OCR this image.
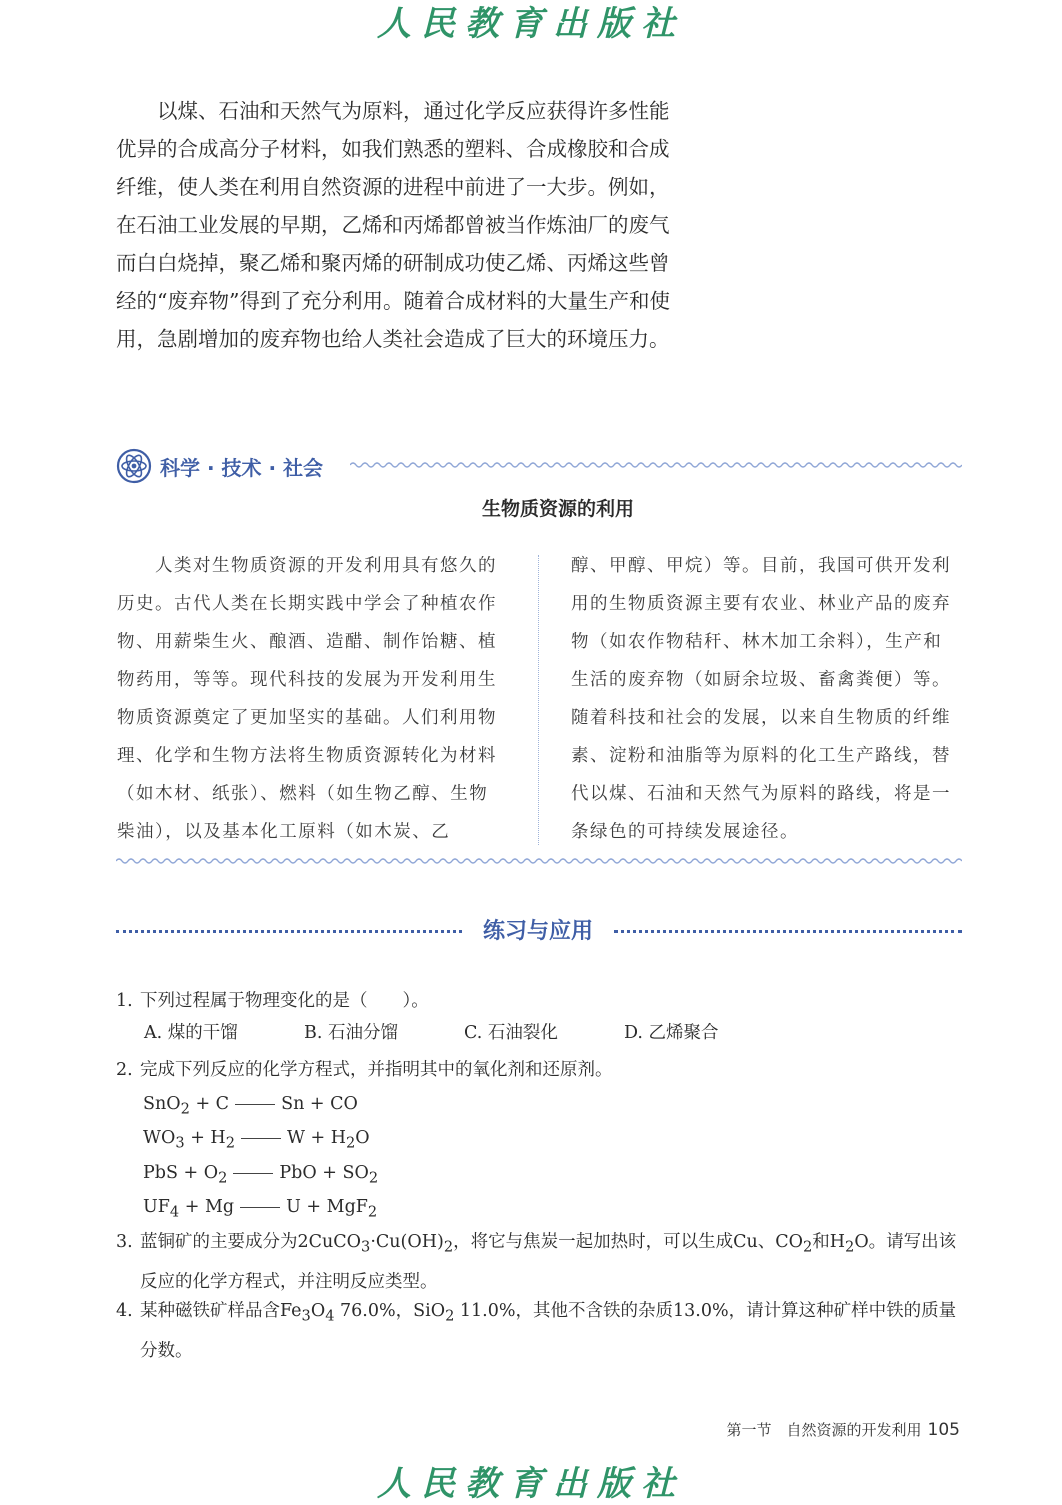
人民教育出版社

以煤、石油和天然气为原料，通过化学反应获得许多性能优异的合成高分子材料，如我们熟悉的塑料、合成橡胶和合成纤维，使人类在利用自然资源的进程中前进了一大步。例如，在石油工业发展的早期，乙烯和丙烯都曾被当作炼油厂的废气而白白烧掉，聚乙烯和聚丙烯的研制成功使乙烯、丙烯这些曾经的“废弃物”得到了充分利用。随着合成材料的大量生产和使用，急剧增加的废弃物也给人类社会造成了巨大的环境压力。

科学 · 技术 · 社会
生物质资源的利用

人类对生物质资源的开发利用具有悠久的历史。古代人类在长期实践中学会了种植农作物、用薪柴生火、酿酒、造醋、制作饴糖、植物药用，等等。现代科技的发展为开发利用生物质资源奠定了更加坚实的基础。人们利用物理、化学和生物方法将生物质资源转化为材料（如木材、纸张）、燃料（如生物乙醇、生物柴油），以及基本化工原料（如木炭、乙

醇、甲醇、甲烷）等。目前，我国可供开发利用的生物质资源主要有农业、林业产品的废弃物（如农作物秸秆、林木加工余料），生产和生活的废弃物（如厨余垃圾、畜禽粪便）等。随着科技和社会的发展，以来自生物质的纤维素、淀粉和油脂等为原料的化工生产路线，替代以煤、石油和天然气为原料的路线，将是一条绿色的可持续发展途径。

练习与应用
1. 下列过程属于物理变化的是（　　）。
A. 煤的干馏	B. 石油分馏	C. 石油裂化	D. 乙烯聚合
2. 完成下列反应的化学方程式，并指明其中的氧化剂和还原剂。
SnO$_2$ + C	Sn + CO
$WO_3 + H_2$	$W + H_2O$
PbS + $O_2$	PbO + $SO_2$
$UF_4 + Mg$	U + MgF$_2$
3. 蓝铜矿的主要成分为$2CuCO_3\cdot Cu(OH)_2$，将它与焦炭一起加热时，可以生成Cu、$CO_2$和$H_2O$。请写出该反应的化学方程式，并注明反应类型。
4. 某种磁铁矿样品含$Fe_3O_4$ 76.0%，SiO$_2$ 11.0%，其他不含铁的杂质13.0%，请计算这种矿样中铁的质量分数。
第一节　自然资源的开发利用 105
人民教育出版社
